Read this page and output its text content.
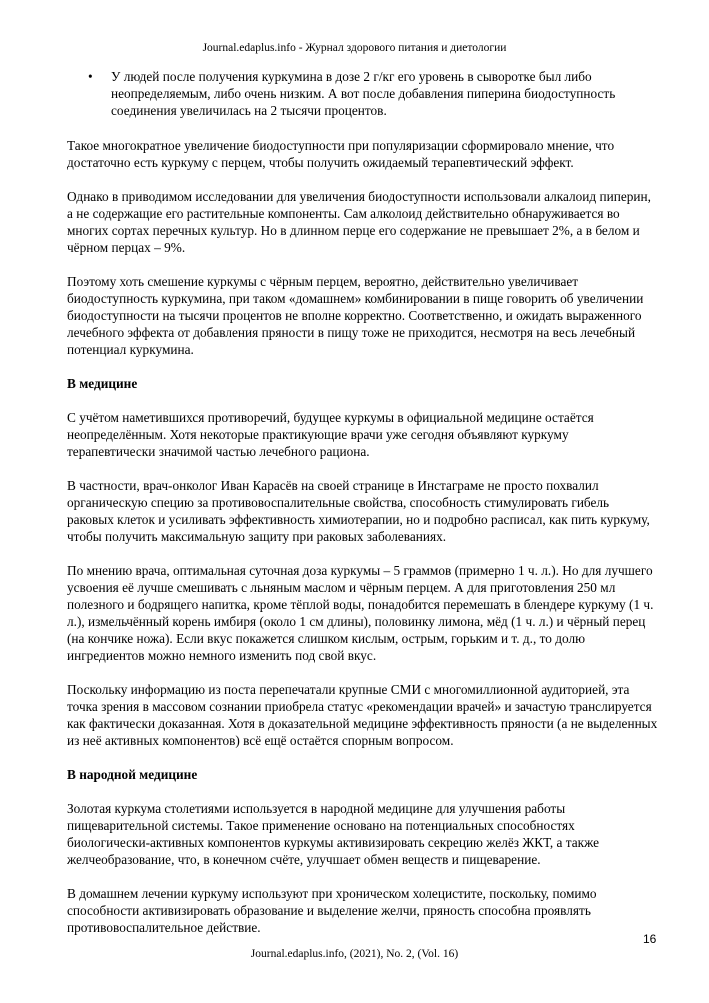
Journal.edaplus.info - Журнал здорового питания и диетологии
• У людей после получения куркумина в дозе 2 г/кг его уровень в сыворотке был либо неопределяемым, либо очень низким. А вот после добавления пиперина биодоступность соединения увеличилась на 2 тысячи процентов.

Такое многократное увеличение биодоступности при популяризации сформировало мнение, что достаточно есть куркуму с перцем, чтобы получить ожидаемый терапевтический эффект.

Однако в приводимом исследовании для увеличения биодоступности использовали алкалоид пиперин, а не содержащие его растительные компоненты. Сам алколоид действительно обнаруживается во многих сортах перечных культур. Но в длинном перце его содержание не превышает 2%, а в белом и чёрном перцах – 9%.

Поэтому хоть смешение куркумы с чёрным перцем, вероятно, действительно увеличивает биодоступность куркумина, при таком «домашнем» комбинировании в пище говорить об увеличении биодоступности на тысячи процентов не вполне корректно. Соответственно, и ожидать выраженного лечебного эффекта от добавления пряности в пищу тоже не приходится, несмотря на весь лечебный потенциал куркумина.

В медицине

С учётом наметившихся противоречий, будущее куркумы в официальной медицине остаётся неопределённым. Хотя некоторые практикующие врачи уже сегодня объявляют куркуму терапевтически значимой частью лечебного рациона.

В частности, врач-онколог Иван Карасёв на своей странице в Инстаграме не просто похвалил органическую специю за противовоспалительные свойства, способность стимулировать гибель раковых клеток и усиливать эффективность химиотерапии, но и подробно расписал, как пить куркуму, чтобы получить максимальную защиту при раковых заболеваниях.

По мнению врача, оптимальная суточная доза куркумы – 5 граммов (примерно 1 ч. л.). Но для лучшего усвоения её лучше смешивать с льняным маслом и чёрным перцем. А для приготовления 250 мл полезного и бодрящего напитка, кроме тёплой воды, понадобится перемешать в блендере куркуму (1 ч. л.), измельчённый корень имбиря (около 1 см длины), половинку лимона, мёд (1 ч. л.) и чёрный перец (на кончике ножа). Если вкус покажется слишком кислым, острым, горьким и т. д., то долю ингредиентов можно немного изменить под свой вкус.

Поскольку информацию из поста перепечатали крупные СМИ с многомиллионной аудиторией, эта точка зрения в массовом сознании приобрела статус «рекомендации врачей» и зачастую транслируется как фактически доказанная. Хотя в доказательной медицине эффективность пряности (а не выделенных из неё активных компонентов) всё ещё остаётся спорным вопросом.

В народной медицине

Золотая куркума столетиями используется в народной медицине для улучшения работы пищеварительной системы. Такое применение основано на потенциальных способностях биологически-активных компонентов куркумы активизировать секрецию желёз ЖКТ, а также желчеобразование, что, в конечном счёте, улучшает обмен веществ и пищеварение.

В домашнем лечении куркуму используют при хроническом холецистите, поскольку, помимо способности активизировать образование и выделение желчи, пряность способна проявлять противовоспалительное действие.

16
Journal.edaplus.info, (2021), No. 2, (Vol. 16)
